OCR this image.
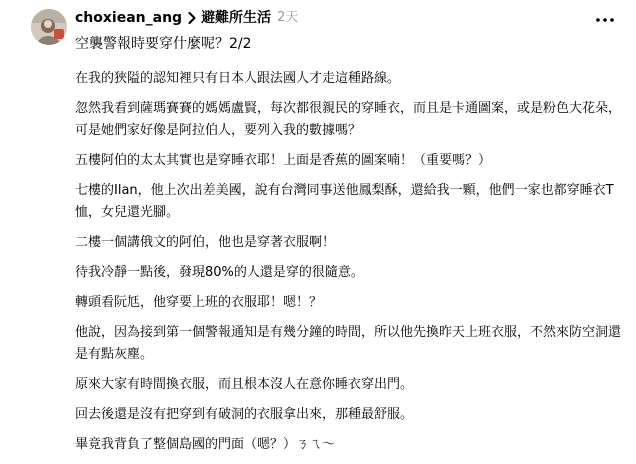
choxiean_ang 避難所生活 2天
空襲警報時要穿什麼呢？2/2

在我的狹隘的認知裡只有日本人跟法國人才走這種路線。

忽然我看到薩瑪賽賽的媽媽盧賢，每次都很親民的穿睡衣，而且是卡通圖案，或是粉色大花朵，可是她們家好像是阿拉伯人，要列入我的數據嗎？

五樓阿伯的太太其實也是穿睡衣耶！上面是香蕉的圖案喃！（重要嗎？）

七樓的Ilan，他上次出差美國，說有台灣同事送他鳳梨酥，還給我一顆，他們一家也都穿睡衣T恤，女兒還光腳。

二樓一個講俄文的阿伯，他也是穿著衣服啊！

待我冷靜一點後，發現80%的人還是穿的很隨意。

轉頭看阮尪，他穿要上班的衣服耶！嗯！？

他說，因為接到第一個警報通知是有幾分鐘的時間，所以他先換昨天上班衣服，不然來防空洞還是有點灰塵。

原來大家有時間換衣服，而且根本沒人在意你睡衣穿出門。

回去後還是沒有把穿到有破洞的衣服拿出來，那種最舒服。

畢竟我背負了整個島國的門面（嗯？）ㄋㄟ～
